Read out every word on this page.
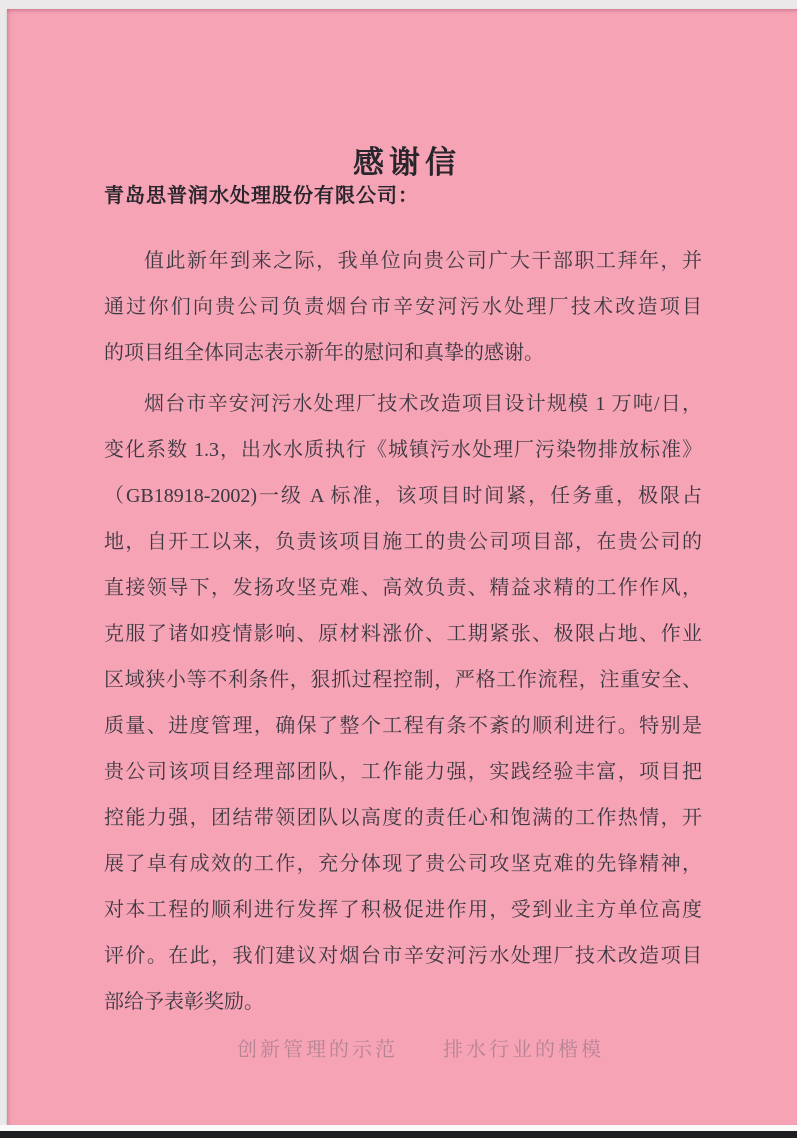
感谢信
青岛思普润水处理股份有限公司：
值此新年到来之际，我单位向贵公司广大干部职工拜年，并
通过你们向贵公司负责烟台市辛安河污水处理厂技术改造项目
的项目组全体同志表示新年的慰问和真挚的感谢。
烟台市辛安河污水处理厂技术改造项目设计规模 1 万吨/日，
变化系数 1.3，出水水质执行《城镇污水处理厂污染物排放标准》
（GB18918-2002)一级 A 标准，该项目时间紧，任务重，极限占
地，自开工以来，负责该项目施工的贵公司项目部，在贵公司的
直接领导下，发扬攻坚克难、高效负责、精益求精的工作作风，
克服了诸如疫情影响、原材料涨价、工期紧张、极限占地、作业
区域狭小等不利条件，狠抓过程控制，严格工作流程，注重安全、
质量、进度管理，确保了整个工程有条不紊的顺利进行。特别是
贵公司该项目经理部团队，工作能力强，实践经验丰富，项目把
控能力强，团结带领团队以高度的责任心和饱满的工作热情，开
展了卓有成效的工作，充分体现了贵公司攻坚克难的先锋精神，
对本工程的顺利进行发挥了积极促进作用，受到业主方单位高度
评价。在此，我们建议对烟台市辛安河污水处理厂技术改造项目
部给予表彰奖励。
创新管理的示范 排水行业的楷模
